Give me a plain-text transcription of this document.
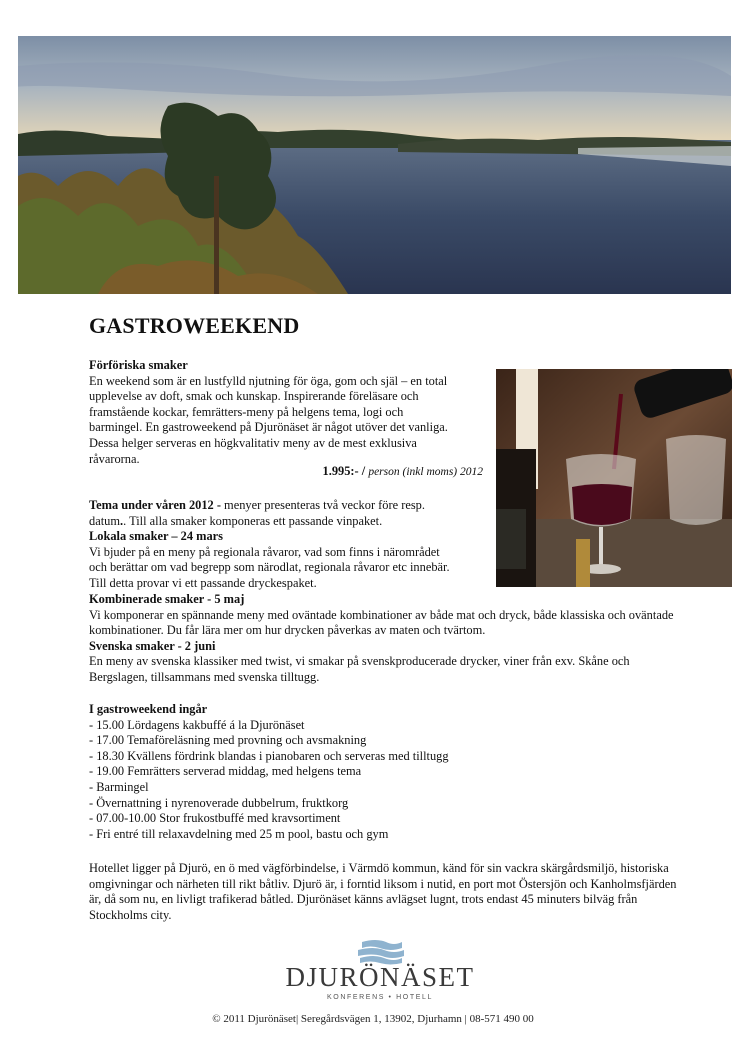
GASTROWEEKEND

Förföriska smaker

En weekend som är en lustfylld njutning för öga, gom och själ – en total

upplevelse av doft, smak och kunskap. Inspirerande föreläsare och

framstående kockar, femrätters-meny på helgens tema, logi och

barmingel. En gastroweekend på Djurönäset är något utöver det vanliga.

Dessa helger serveras en högkvalitativ meny av de mest exklusiva

råvarorna.

1.995:- / person (inkl moms) 2012

Tema under våren 2012 - menyer presenteras två veckor före resp.

datum.. Till alla smaker komponeras ett passande vinpaket.

Lokala smaker – 24 mars

Vi bjuder på en meny på regionala råvaror, vad som finns i närområdet

och berättar om vad begrepp som närodlat, regionala råvaror etc innebär.

Till detta provar vi ett passande dryckespaket.

Kombinerade smaker - 5 maj

Vi komponerar en spännande meny med oväntade kombinationer av både mat och dryck, både klassiska och oväntade

kombinationer. Du får lära mer om hur drycken påverkas av maten och tvärtom.

Svenska smaker - 2 juni

En meny av svenska klassiker med twist, vi smakar på svenskproducerade drycker, viner från exv. Skåne och

Bergslagen, tillsammans med svenska tilltugg.

I gastroweekend ingår

- 15.00 Lördagens kakbuffé á la Djurönäset
- 17.00 Temaföreläsning med provning och avsmakning
- 18.30 Kvällens fördrink blandas i pianobaren och serveras med tilltugg
- 19.00 Femrätters serverad middag, med helgens tema
- Barmingel
- Övernattning i nyrenoverade dubbelrum, fruktkorg
- 07.00-10.00 Stor frukostbuffé med kravsortiment
- Fri entré till relaxavdelning med 25 m pool, bastu och gym

Hotellet ligger på Djurö, en ö med vägförbindelse, i Värmdö kommun, känd för sin vackra skärgårdsmiljö, historiska

omgivningar och närheten till rikt båtliv. Djurö är, i forntid liksom i nutid, en port mot Östersjön och Kanholmsfjärden

är, då som nu, en livligt trafikerad båtled. Djurönäset känns avlägset lugnt, trots endast 45 minuters bilväg från

Stockholms city.

DJURÖNÄSET
KONFERENS • HOTELL
© 2011 Djurönäset| Seregårdsvägen 1, 13902, Djurhamn | 08-571 490 00
